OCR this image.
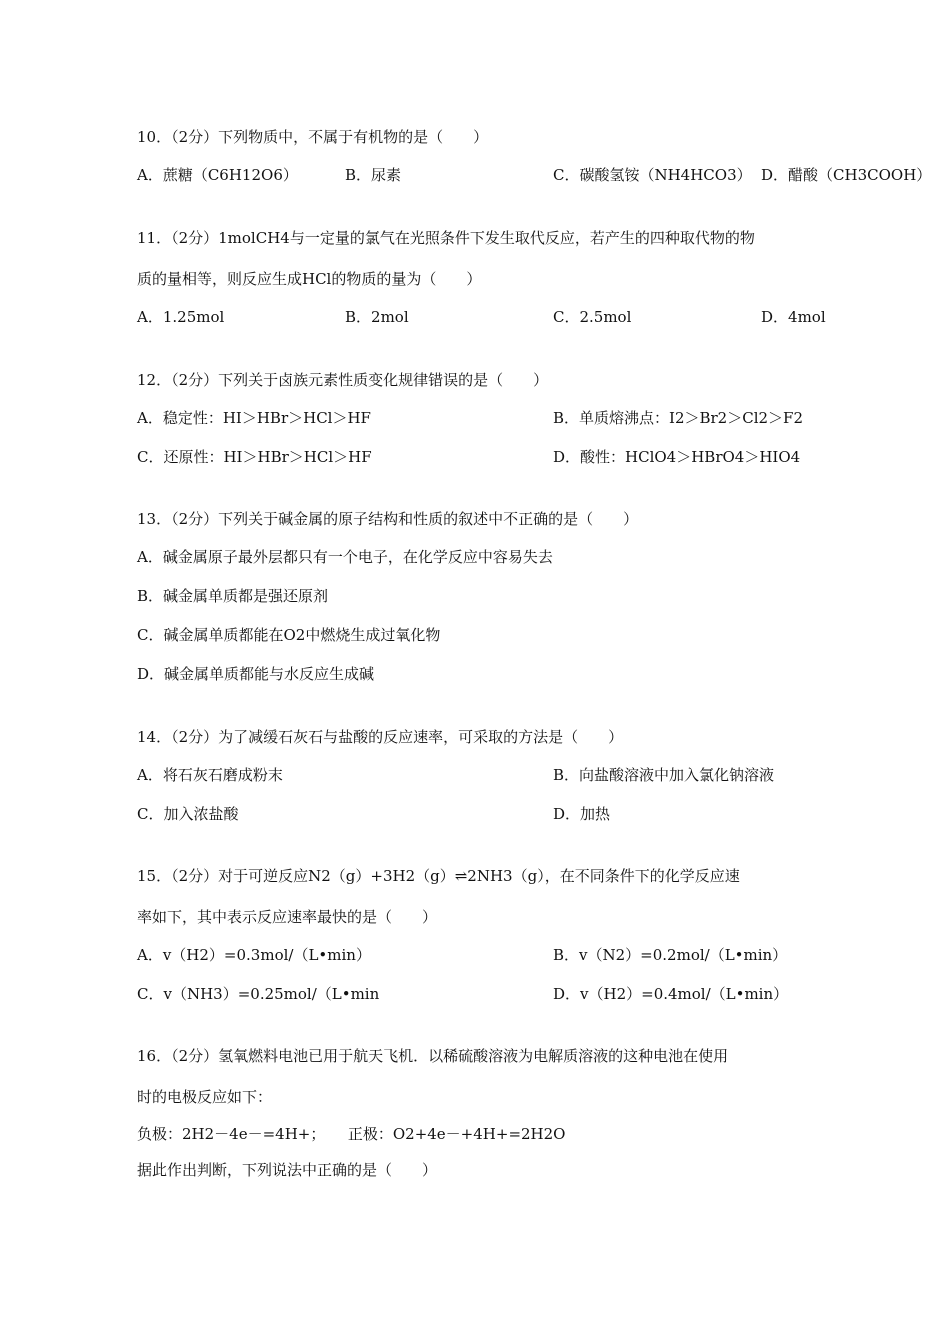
10．（2分）下列物质中，不属于有机物的是（　　）
A．蔗糖（C6H12O6）	B．尿素	C．碳酸氢铵（NH4HCO3） D．醋酸（CH3COOH）
11．（2分）1molCH4与一定量的氯气在光照条件下发生取代反应，若产生的四种取代物的物
质的量相等，则反应生成HCl的物质的量为（　　）
A．1.25mol	B．2mol	C．2.5mol	D．4mol
12．（2分）下列关于卤族元素性质变化规律错误的是（　　）
A．稳定性：HI＞HBr＞HCl＞HF	B．单质熔沸点：I2＞Br2＞Cl2＞F2
C．还原性：HI＞HBr＞HCl＞HF	D．酸性：HClO4＞HBrO4＞HIO4
13．（2分）下列关于碱金属的原子结构和性质的叙述中不正确的是（　　）
A．碱金属原子最外层都只有一个电子，在化学反应中容易失去
B．碱金属单质都是强还原剂
C．碱金属单质都能在O2中燃烧生成过氧化物
D．碱金属单质都能与水反应生成碱
14．（2分）为了减缓石灰石与盐酸的反应速率，可采取的方法是（　　）
A．将石灰石磨成粉末	B．向盐酸溶液中加入氯化钠溶液
C．加入浓盐酸	D．加热
15．（2分）对于可逆反应N2（g）+3H2（g）⇌2NH3（g），在不同条件下的化学反应速
率如下，其中表示反应速率最快的是（　　）
A．v（H2）=0.3mol/（L•min）	B．v（N2）=0.2mol/（L•min）
C．v（NH3）=0.25mol/（L•min	D．v（H2）=0.4mol/（L•min）
16．（2分）氢氧燃料电池已用于航天飞机．以稀硫酸溶液为电解质溶液的这种电池在使用
时的电极反应如下：
负极：2H2－4e－=4H+；　　正极：O2+4e－+4H+=2H2O
据此作出判断，下列说法中正确的是（　　）
